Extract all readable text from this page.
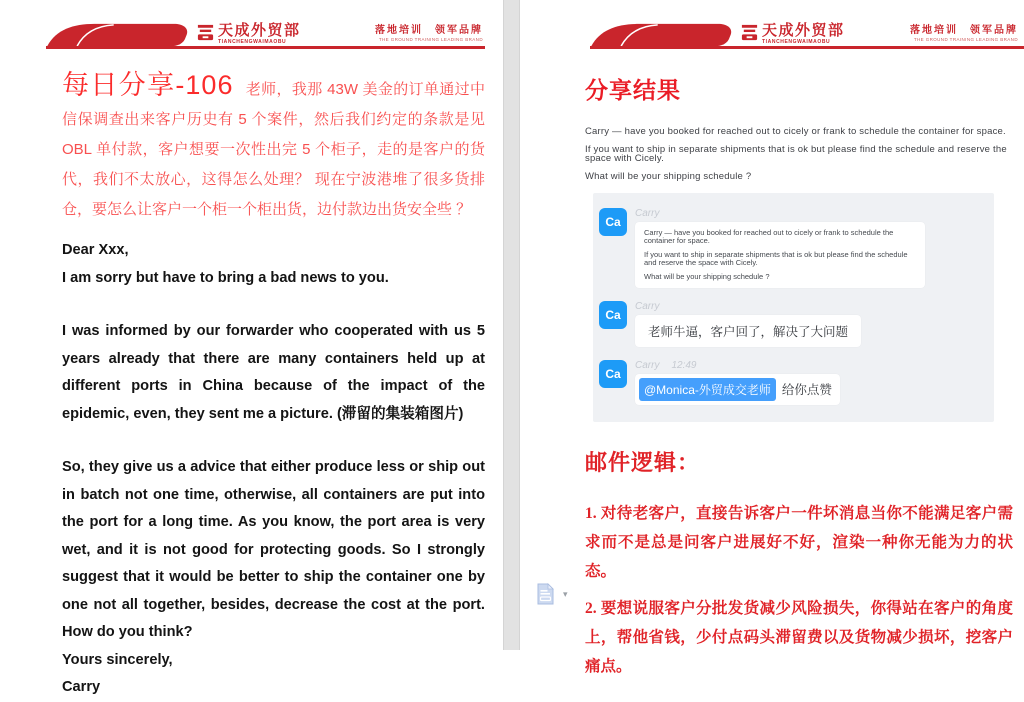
天成外贸部
TIANCHENGWAIMAOBU
落地培训　领军品牌
THE GROUND TRAINING LEADING BRAND

每日分享-106 老师，我那 43W 美金的订单通过中信保调查出来客户历史有 5 个案件，然后我们约定的条款是见 OBL 单付款，客户想要一次性出完 5 个柜子，走的是客户的货代，我们不太放心，这得怎么处理？ 现在宁波港堆了很多货排仓，要怎么让客户一个柜一个柜出货，边付款边出货安全些 ？

Dear Xxx,

I am sorry but have to bring a bad news to you.

I was informed by our forwarder who cooperated with us 5 years already that there are many containers held up at different ports in China because of the impact of the epidemic, even, they sent me a picture. (滞留的集装箱图片)

So, they give us a advice that either produce less or ship out in batch not one time, otherwise, all containers are put into the port for a long time. As you know, the port area is very wet, and it is not good for protecting goods. So I strongly suggest that it would be better to ship the container one by one not all together, besides, decrease the cost at the port. How do you think?

Yours sincerely,

Carry

天成外贸部
TIANCHENGWAIMAOBU
落地培训　领军品牌
THE GROUND TRAINING LEADING BRAND
分享结果

Carry — have you booked for reached out to cicely or frank to schedule the container for space.

If you want to ship in separate shipments that is ok but please find the schedule and reserve the space with Cicely.

What will be your shipping schedule ?

Ca
Carry

Carry — have you booked for reached out to cicely or frank to schedule the container for space.

If you want to ship in separate shipments that is ok but please find the schedule and reserve the space with Cicely.

What will be your shipping schedule ?

Ca
Carry
老师牛逼，客户回了，解决了大问题
Ca
Carry 12:49
@Monica-外贸成交老师 给你点赞
邮件逻辑：

1. 对待老客户，直接告诉客户一件坏消息当你不能满足客户需求而不是总是问客户进展好不好，渲染一种你无能为力的状态。

2. 要想说服客户分批发货减少风险损失，你得站在客户的角度上，帮他省钱，少付点码头滞留费以及货物减少损坏，挖客户痛点。

▾
